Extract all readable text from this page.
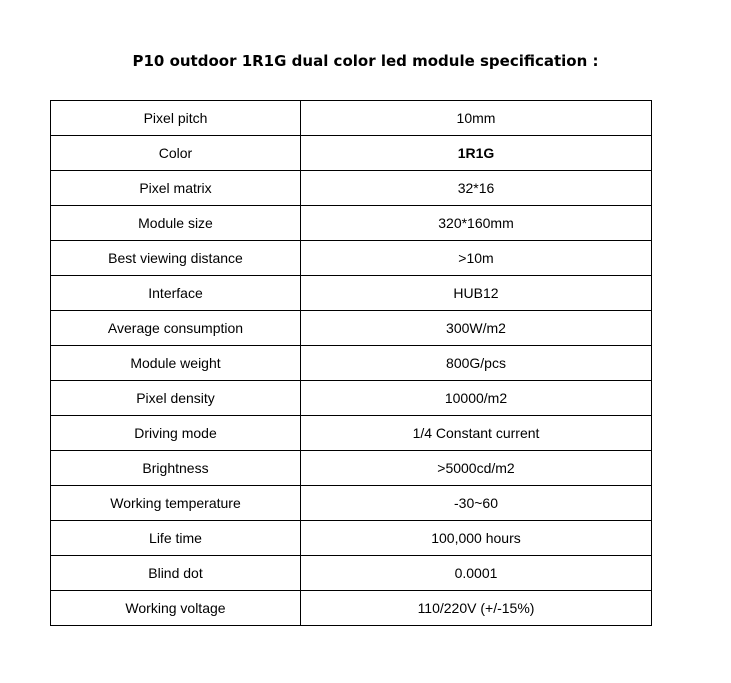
P10 outdoor 1R1G dual color led module specification :
Pixel pitch	10mm
Color	1R1G
Pixel matrix	32*16
Module size	320*160mm
Best viewing distance	>10m
Interface	HUB12
Average consumption	300W/m2
Module weight	800G/pcs
Pixel density	10000/m2
Driving mode	1/4 Constant current
Brightness	>5000cd/m2
Working temperature	-30~60
Life time	100,000 hours
Blind dot	0.0001
Working voltage	110/220V (+/-15%)
